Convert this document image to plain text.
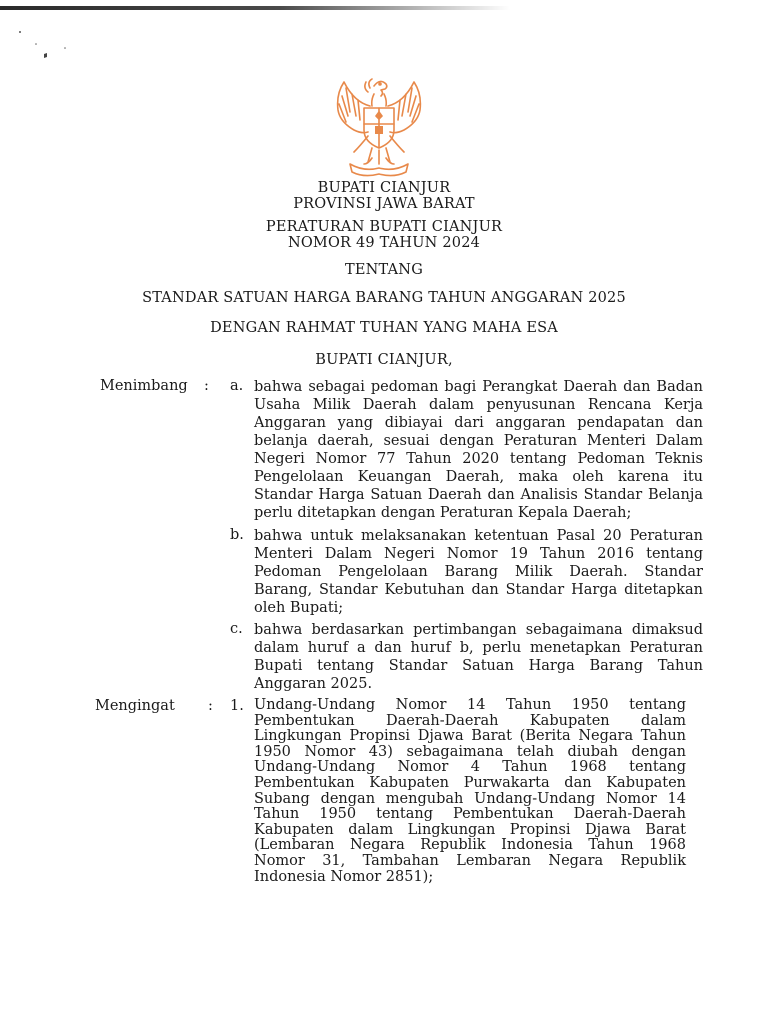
BUPATI CIANJUR
PROVINSI JAWA BARAT
PERATURAN BUPATI CIANJUR
NOMOR 49 TAHUN 2024
TENTANG
STANDAR SATUAN HARGA BARANG TAHUN ANGGARAN 2025
DENGAN RAHMAT TUHAN YANG MAHA ESA
BUPATI CIANJUR,
Menimbang : a. bahwa sebagai pedoman bagi Perangkat Daerah dan Badan Usaha Milik Daerah dalam penyusunan Rencana Kerja Anggaran yang dibiayai dari anggaran pendapatan dan belanja daerah, sesuai dengan Peraturan Menteri Dalam Negeri Nomor 77 Tahun 2020 tentang Pedoman Teknis Pengelolaan Keuangan Daerah, maka oleh karena itu Standar Harga Satuan Daerah dan Analisis Standar Belanja perlu ditetapkan dengan Peraturan Kepala Daerah;
b. bahwa untuk melaksanakan ketentuan Pasal 20 Peraturan Menteri Dalam Negeri Nomor 19 Tahun 2016 tentang Pedoman Pengelolaan Barang Milik Daerah. Standar Barang, Standar Kebutuhan dan Standar Harga ditetapkan oleh Bupati;
c. bahwa berdasarkan pertimbangan sebagaimana dimaksud dalam huruf a dan huruf b, perlu menetapkan Peraturan Bupati tentang Standar Satuan Harga Barang Tahun Anggaran 2025.
Mengingat : 1. Undang-Undang Nomor 14 Tahun 1950 tentang Pembentukan Daerah-Daerah Kabupaten dalam Lingkungan Propinsi Djawa Barat (Berita Negara Tahun 1950 Nomor 43) sebagaimana telah diubah dengan Undang-Undang Nomor 4 Tahun 1968 tentang Pembentukan Kabupaten Purwakarta dan Kabupaten Subang dengan mengubah Undang-Undang Nomor 14 Tahun 1950 tentang Pembentukan Daerah-Daerah Kabupaten dalam Lingkungan Propinsi Djawa Barat (Lembaran Negara Republik Indonesia Tahun 1968 Nomor 31, Tambahan Lembaran Negara Republik Indonesia Nomor 2851);
